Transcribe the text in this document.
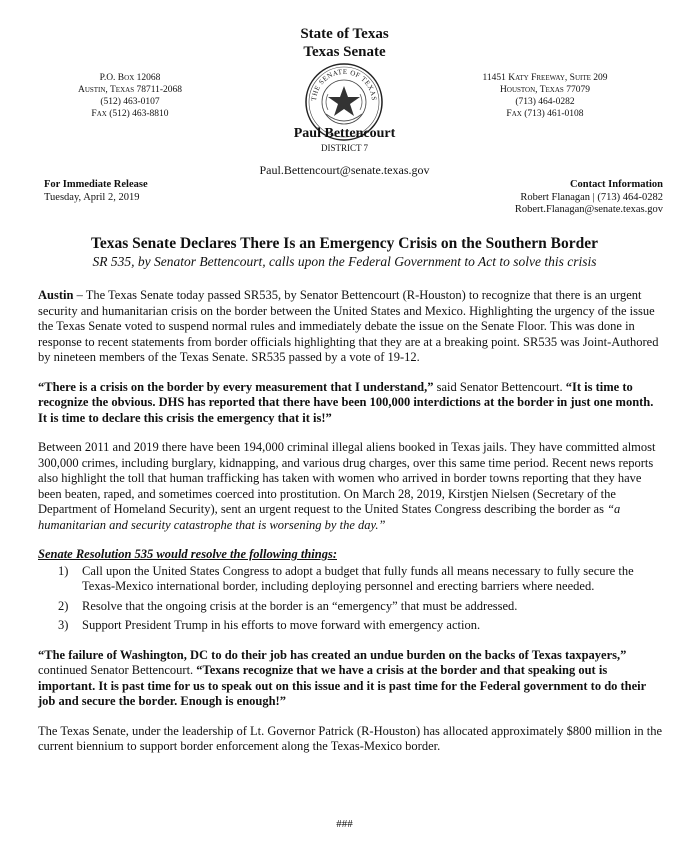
State of Texas
Texas Senate
P.O. Box 12068
Austin, Texas 78711-2068
(512) 463-0107
Fax (512) 463-8810
THE SENATE OF TEXAS
11451 Katy Freeway, Suite 209
Houston, Texas 77079
(713) 464-0282
Fax (713) 461-0108
Paul Bettencourt
DISTRICT 7
Paul.Bettencourt@senate.texas.gov
For Immediate Release
Tuesday, April 2, 2019
Contact Information
Robert Flanagan | (713) 464-0282
Robert.Flanagan@senate.texas.gov
Texas Senate Declares There Is an Emergency Crisis on the Southern Border
SR 535, by Senator Bettencourt, calls upon the Federal Government to Act to solve this crisis

Austin – The Texas Senate today passed SR535, by Senator Bettencourt (R-Houston) to recognize that there is an urgent security and humanitarian crisis on the border between the United States and Mexico. Highlighting the urgency of the issue the Texas Senate voted to suspend normal rules and immediately debate the issue on the Senate Floor. This was done in response to recent statements from border officials highlighting that they are at a breaking point. SR535 was Joint-Authored by nineteen members of the Texas Senate. SR535 passed by a vote of 19-12.

“There is a crisis on the border by every measurement that I understand,” said Senator Bettencourt. “It is time to recognize the obvious. DHS has reported that there have been 100,000 interdictions at the border in just one month. It is time to declare this crisis the emergency that it is!”

Between 2011 and 2019 there have been 194,000 criminal illegal aliens booked in Texas jails. They have committed almost 300,000 crimes, including burglary, kidnapping, and various drug charges, over this same time period. Recent news reports also highlight the toll that human trafficking has taken with women who arrived in border towns reporting that they have been beaten, raped, and sometimes coerced into prostitution. On March 28, 2019, Kirstjen Nielsen (Secretary of the Department of Homeland Security), sent an urgent request to the United States Congress describing the border as “a humanitarian and security catastrophe that is worsening by the day.”

Senate Resolution 535 would resolve the following things:
1) Call upon the United States Congress to adopt a budget that fully funds all means necessary to fully secure the Texas-Mexico international border, including deploying personnel and erecting barriers where needed.
2) Resolve that the ongoing crisis at the border is an “emergency” that must be addressed.
3) Support President Trump in his efforts to move forward with emergency action.

“The failure of Washington, DC to do their job has created an undue burden on the backs of Texas taxpayers,” continued Senator Bettencourt. “Texans recognize that we have a crisis at the border and that speaking out is important. It is past time for us to speak out on this issue and it is past time for the Federal government to do their job and secure the border. Enough is enough!”

The Texas Senate, under the leadership of Lt. Governor Patrick (R-Houston) has allocated approximately $800 million in the current biennium to support border enforcement along the Texas-Mexico border.

###
